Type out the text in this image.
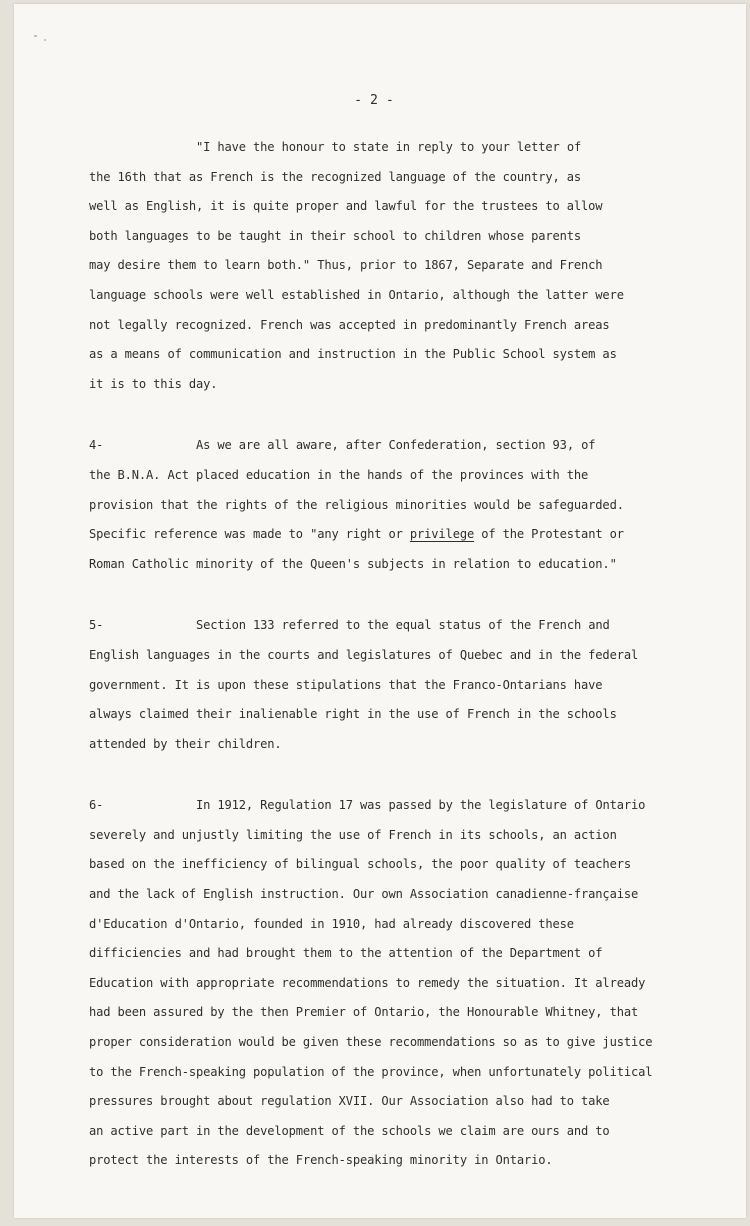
- 2 -
"I have the honour to state in reply to your letter of
the 16th that as French is the recognized language of the country, as
well as English, it is quite proper and lawful for the trustees to allow
both languages to be taught in their school to children whose parents
may desire them to learn both." Thus, prior to 1867, Separate and French
language schools were well established in Ontario, although the latter were
not legally recognized. French was accepted in predominantly French areas
as a means of communication and instruction in the Public School system as
it is to this day.
4-	As we are all aware, after Confederation, section 93, of
the B.N.A. Act placed education in the hands of the provinces with the
provision that the rights of the religious minorities would be safeguarded.
Specific reference was made to "any right or privilege of the Protestant or
Roman Catholic minority of the Queen's subjects in relation to education."
5-	Section 133 referred to the equal status of the French and
English languages in the courts and legislatures of Quebec and in the federal
government. It is upon these stipulations that the Franco-Ontarians have
always claimed their inalienable right in the use of French in the schools
attended by their children.
6-	In 1912, Regulation 17 was passed by the legislature of Ontario
severely and unjustly limiting the use of French in its schools, an action
based on the inefficiency of bilingual schools, the poor quality of teachers
and the lack of English instruction. Our own Association canadienne-française
d'Education d'Ontario, founded in 1910, had already discovered these
difficiencies and had brought them to the attention of the Department of
Education with appropriate recommendations to remedy the situation. It already
had been assured by the then Premier of Ontario, the Honourable Whitney, that
proper consideration would be given these recommendations so as to give justice
to the French-speaking population of the province, when unfortunately political
pressures brought about regulation XVII. Our Association also had to take
an active part in the development of the schools we claim are ours and to
protect the interests of the French-speaking minority in Ontario.
